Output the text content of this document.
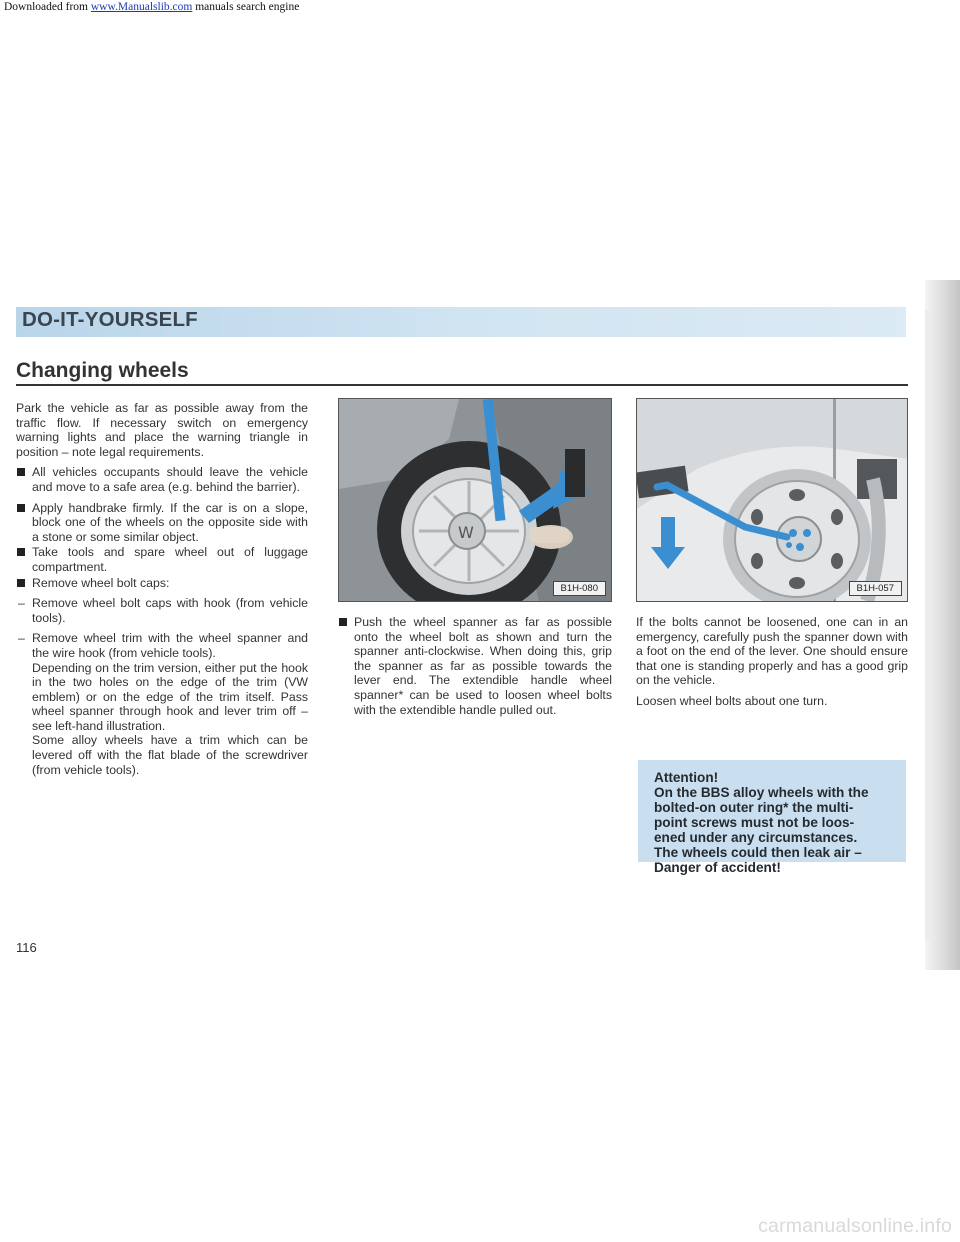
Downloaded from www.Manualslib.com manuals search engine
DO-IT-YOURSELF
Changing wheels

Park the vehicle as far as possible away from the traffic flow. If necessary switch on emergency warning lights and place the warning triangle in position – note legal requirements.

All vehicles occupants should leave the vehicle and move to a safe area (e.g. behind the barrier).

Apply handbrake firmly. If the car is on a slope, block one of the wheels on the opposite side with a stone or some similar object.

Take tools and spare wheel out of luggage compartment.

Remove wheel bolt caps:

– Remove wheel bolt caps with hook (from vehicle tools).

– Remove wheel trim with the wheel spanner and the wire hook (from vehicle tools).
Depending on the trim version, either put the hook in the two holes on the edge of the trim (VW emblem) or on the edge of the trim itself. Pass wheel spanner through hook and lever trim off – see left-hand illustration.
Some alloy wheels have a trim which can be levered off with the flat blade of the screwdriver (from vehicle tools).
W
B1H-080

Push the wheel spanner as far as possible onto the wheel bolt as shown and turn the spanner anti-clockwise. When doing this, grip the spanner as far as possible towards the lever end. The extendible handle wheel spanner* can be used to loosen wheel bolts with the extendible handle pulled out.

B1H-057

If the bolts cannot be loosened, one can in an emergency, carefully push the spanner down with a foot on the end of the lever. One should ensure that one is standing properly and has a good grip on the vehicle.

Loosen wheel bolts about one turn.

Attention!
On the BBS alloy wheels with the
bolted-on outer ring* the multi-
point screws must not be loos-
ened under any circumstances.
The wheels could then leak air –
Danger of accident!
116
carmanualsonline.info
